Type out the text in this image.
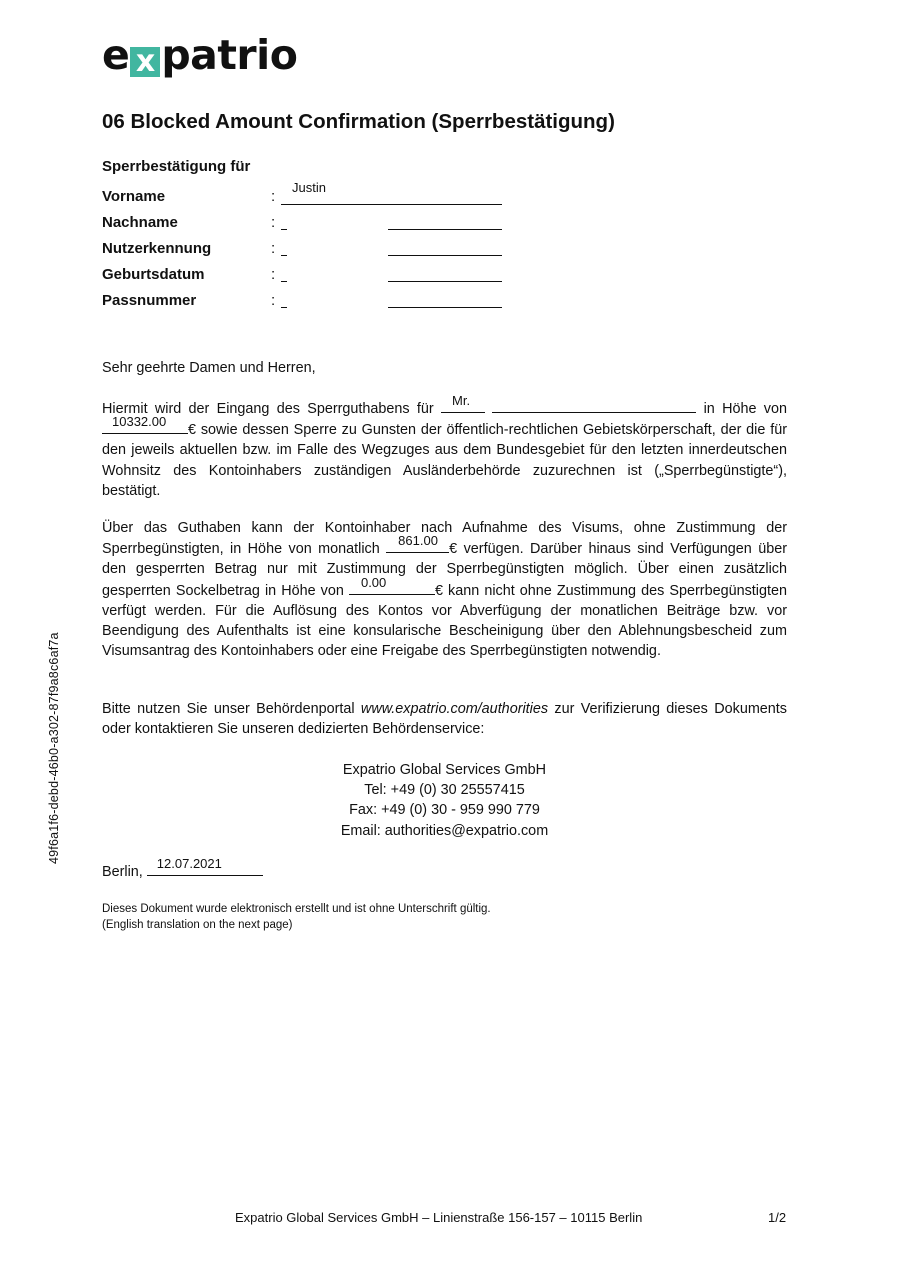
e x patrio
06 Blocked Amount Confirmation (Sperrbestätigung)
Sperrbestätigung für
Vorname	:
Justin
Nachname	:
Nutzerkennung	:
Geburtsdatum	:
Passnummer	:
Sehr geehrte Damen und Herren,
Hiermit wird der Eingang des Sperrguthabens für
Mr.
in Höhe von
10332.00
€ sowie dessen Sperre zu Gunsten der öffentlich-rechtlichen Gebietskörperschaft, der die für den jeweils aktuellen bzw. im Falle des Wegzuges aus dem Bundesgebiet für den letzten innerdeutschen Wohnsitz des Kontoinhabers zuständigen Ausländerbehörde zuzurechnen ist („Sperrbegünstigte“), bestätigt.
Über das Guthaben kann der Kontoinhaber nach Aufnahme des Visums, ohne Zustimmung der Sperrbegünstigten, in Höhe von monatlich
861.00
€ verfügen. Darüber hinaus sind Verfügungen über den gesperrten Betrag nur mit Zustimmung der Sperrbegünstigten möglich. Über einen zusätzlich gesperrten Sockelbetrag in Höhe von
0.00
€ kann nicht ohne Zustimmung des Sperrbegünstigten verfügt werden. Für die Auflösung des Kontos vor Abverfügung der monatlichen Beiträge bzw. vor Beendigung des Aufenthalts ist eine konsularische Bescheinigung über den Ablehnungsbescheid zum Visumsantrag des Kontoinhabers oder eine Freigabe des Sperrbegünstigten notwendig.
Bitte nutzen Sie unser Behördenportal www.expatrio.com/authorities zur Verifizierung dieses Dokuments oder kontaktieren Sie unseren dedizierten Behördenservice:
Expatrio Global Services GmbH
Tel: +49 (0) 30 25557415
Fax: +49 (0) 30 - 959 990 779
Email: authorities@expatrio.com
Berlin,
12.07.2021
Dieses Dokument wurde elektronisch erstellt und ist ohne Unterschrift gültig.
(English translation on the next page)
Expatrio Global Services GmbH – Linienstraße 156-157 – 10115 Berlin	1/2
49f6a1f6-debd-46b0-a302-87f9a8c6af7a
